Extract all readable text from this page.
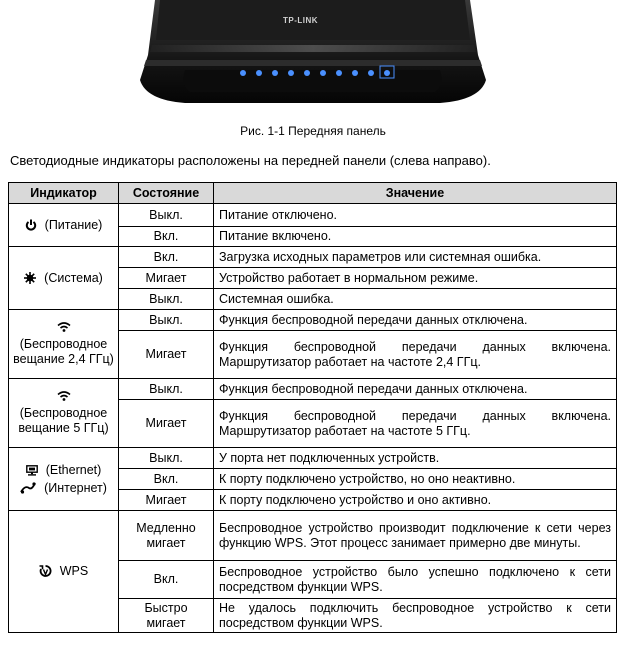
TP-LINK
Рис. 1-1 Передняя панель
Светодиодные индикаторы расположены на передней панели (слева направо).
Индикатор	Состояние	Значение

(Питание)	Выкл.	Питание отключено.
	Вкл.	Питание включено.

(Система)	Вкл.	Загрузка исходных параметров или системная ошибка.
	Мигает	Устройство работает в нормальном режиме.
	Выкл.	Системная ошибка.

(Беспроводное вещание 2,4 ГГц)	Выкл.	Функция беспроводной передачи данных отключена.
	Мигает	Функция беспроводной передачи данных включена. Маршрутизатор работает на частоте 2,4 ГГц.

(Беспроводное вещание 5 ГГц)	Выкл.	Функция беспроводной передачи данных отключена.
	Мигает	Функция беспроводной передачи данных включена. Маршрутизатор работает на частоте 5 ГГц.

(Ethernet)
(Интернет)	Выкл.	У порта нет подключенных устройств.
	Вкл.	К порту подключено устройство, но оно неактивно.
	Мигает	К порту подключено устройство и оно активно.

WPS	Медленно мигает	Беспроводное устройство производит подключение к сети через функцию WPS. Этот процесс занимает примерно две минуты.
	Вкл.	Беспроводное устройство было успешно подключено к сети посредством функции WPS.
	Быстро мигает	Не удалось подключить беспроводное устройство к сети посредством функции WPS.
